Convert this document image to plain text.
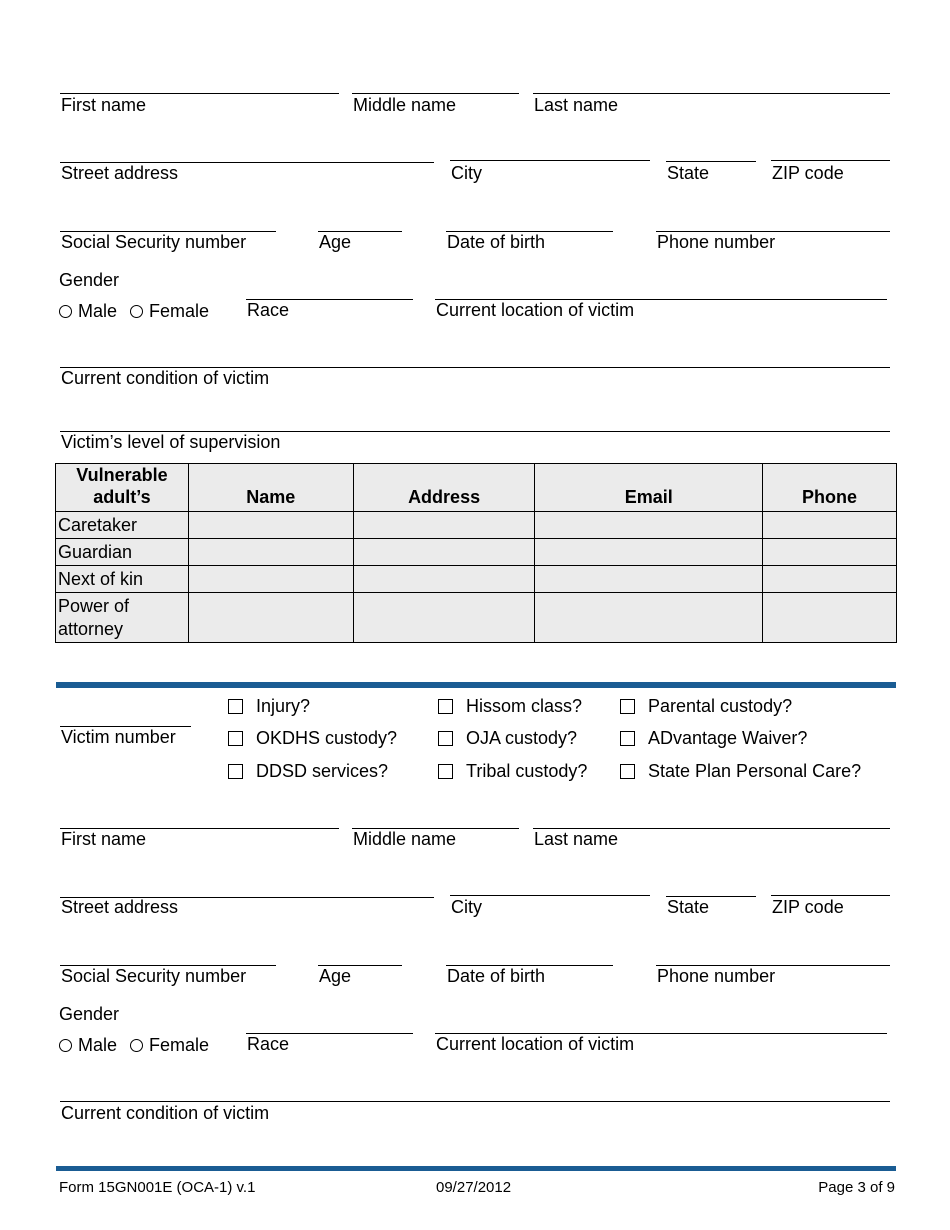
First name	Middle name	Last name
Street address	City	State	ZIP code
Social Security number	Age	Date of birth	Phone number
Gender
Male Female Race	Current location of victim
Current condition of victim
Victim’s level of supervision
Vulnerable adult’s	Name	Address	Email	Phone
Caretaker				
Guardian				
Next of kin				
Power of attorney				
Victim number
Injury?
OKDHS custody?
DDSD services?
Hissom class?
OJA custody?
Tribal custody?
Parental custody?
ADvantage Waiver?
State Plan Personal Care?
First name	Middle name	Last name
Street address	City	State	ZIP code
Social Security number	Age	Date of birth	Phone number
Gender
Male Female Race	Current location of victim
Current condition of victim
Form 15GN001E (OCA-1) v.1	09/27/2012	Page 3 of 9
